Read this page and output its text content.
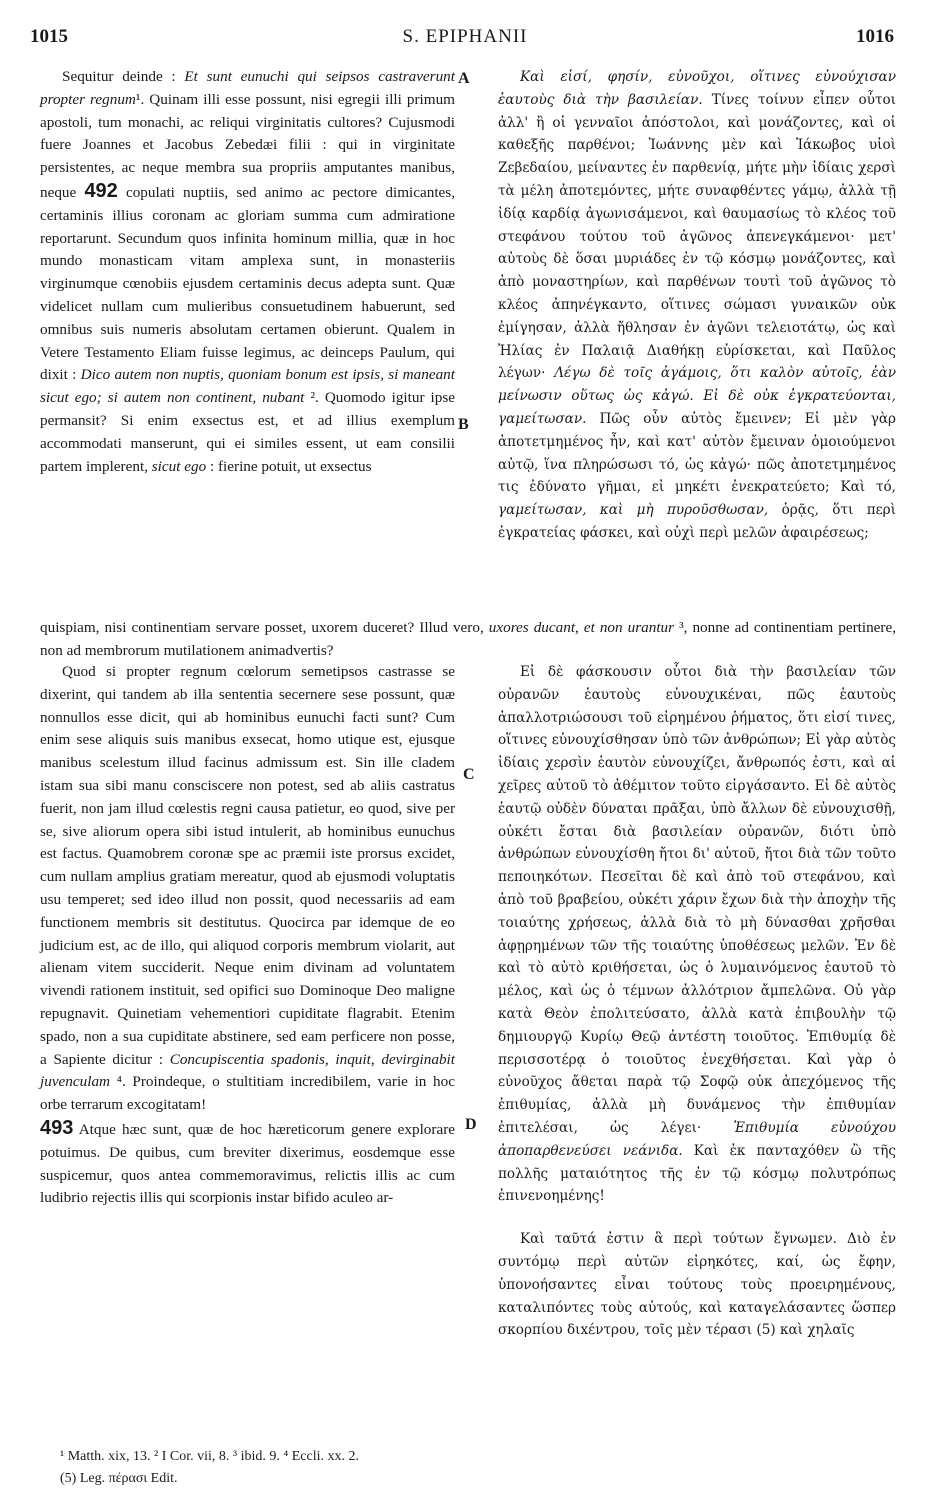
1015	S. EPIPHANII	1016
A
B
C
D

Sequitur deinde : Et sunt eunuchi qui seipsos castraverunt propter regnum¹. Quinam illi esse possunt, nisi egregii illi primum apostoli, tum monachi, ac reliqui virginitatis cultores? Cujusmodi fuere Joannes et Jacobus Zebedæi filii : qui in virginitate persistentes, ac neque membra sua propriis amputantes manibus, neque 492 copulati nuptiis, sed animo ac pectore dimicantes, certaminis illius coronam ac gloriam summa cum admiratione reportarunt. Secundum quos infinita hominum millia, quæ in hoc mundo monasticam vitam amplexa sunt, in monasteriis virginumque cœnobiis ejusdem certaminis decus adepta sunt. Quæ videlicet nullam cum mulieribus consuetudinem habuerunt, sed omnibus suis numeris absolutam certamen obierunt. Qualem in Vetere Testamento Eliam fuisse legimus, ac deinceps Paulum, qui dixit : Dico autem non nuptis, quoniam bonum est ipsis, si maneant sicut ego; si autem non continent, nubant ². Quomodo igitur ipse permansit? Si enim exsectus est, et ad illius exemplum accommodati manserunt, qui ei similes essent, ut eam consilii partem implerent, sicut ego : fierine potuit, ut exsectus

Καὶ εἰσί, φησίν, εὐνοῦχοι, οἵτινες εὐνούχισαν ἑαυτοὺς διὰ τὴν βασιλείαν. Τίνες τοίνυν εἶπεν οὗτοι ἀλλ' ἢ οἱ γενναῖοι ἀπόστολοι, καὶ μονάζοντες, καὶ οἱ καθεξῆς παρθένοι; Ἰωάννης μὲν καὶ Ἰάκωβος υἱοὶ Ζεβεδαίου, μείναντες ἐν παρθενίᾳ, μήτε μὴν ἰδίαις χερσὶ τὰ μέλη ἀποτεμόντες, μήτε συναφθέντες γάμῳ, ἀλλὰ τῇ ἰδίᾳ καρδίᾳ ἀγωνισάμενοι, καὶ θαυμασίως τὸ κλέος τοῦ στεφάνου τούτου τοῦ ἀγῶνος ἀπενεγκάμενοι· μετ' αὐτοὺς δὲ ὅσαι μυριάδες ἐν τῷ κόσμῳ μονάζοντες, καὶ ἀπὸ μοναστηρίων, καὶ παρθένων τουτὶ τοῦ ἀγῶνος τὸ κλέος ἀπηνέγκαντο, οἵτινες σώμασι γυναικῶν οὐκ ἐμίγησαν, ἀλλὰ ἤθλησαν ἐν ἀγῶνι τελειοτάτῳ, ὡς καὶ Ἠλίας ἐν Παλαιᾷ Διαθήκῃ εὑρίσκεται, καὶ Παῦλος λέγων· Λέγω δὲ τοῖς ἀγάμοις, ὅτι καλὸν αὐτοῖς, ἐὰν μείνωσιν οὕτως ὡς κἀγώ. Εἰ δὲ οὐκ ἐγκρατεύονται, γαμείτωσαν. Πῶς οὖν αὐτὸς ἔμεινεν; Εἰ μὲν γὰρ ἀποτετμημένος ἦν, καὶ κατ' αὐτὸν ἔμειναν ὁμοιούμενοι αὐτῷ, ἵνα πληρώσωσι τό, ὡς κἀγώ· πῶς ἀποτετμημένος τις ἐδύνατο γῆμαι, εἰ μηκέτι ἐνεκρατεύετο; Καὶ τό, γαμείτωσαν, καὶ μὴ πυροῦσθωσαν, ὁρᾷς, ὅτι περὶ ἐγκρατείας φάσκει, καὶ οὐχὶ περὶ μελῶν ἀφαιρέσεως;

quispiam, nisi continentiam servare posset, uxorem duceret? Illud vero, uxores ducant, et non urantur ³, nonne ad continentiam pertinere, non ad membrorum mutilationem animadvertis?

Quod si propter regnum cœlorum semetipsos castrasse se dixerint, qui tandem ab illa sententia secernere sese possunt, quæ nonnullos esse dicit, qui ab hominibus eunuchi facti sunt? Cum enim sese aliquis suis manibus exsecat, homo utique est, ejusque manibus scelestum illud facinus admissum est. Sin ille cladem istam sua sibi manu consciscere non potest, sed ab aliis castratus fuerit, non jam illud cœlestis regni causa patietur, eo quod, sive per se, sive aliorum opera sibi istud intulerit, ab hominibus eunuchus est factus. Quamobrem coronæ spe ac præmii iste prorsus excidet, cum nullam amplius gratiam mereatur, quod ab ejusmodi voluptatis usu temperet; sed ideo illud non possit, quod necessariis ad eam functionem membris sit destitutus. Quocirca par idemque de eo judicium est, ac de illo, qui aliquod corporis membrum violarit, aut alienam vitem succiderit. Neque enim divinam ad voluntatem vivendi rationem instituit, sed opifici suo Dominoque Deo maligne repugnavit. Quinetiam vehementiori cupiditate flagrabit. Etenim spado, non a sua cupiditate abstinere, sed eam perficere non posse, a Sapiente dicitur : Concupiscentia spadonis, inquit, devirginabit juvenculam ⁴. Proindeque, o stultitiam incredibilem, varie in hoc orbe terrarum excogitatam!

493 Atque hæc sunt, quæ de hoc hæreticorum genere explorare potuimus. De quibus, cum breviter dixerimus, eosdemque esse suspicemur, quos antea commemoravimus, relictis illis ac cum ludibrio rejectis illis qui scorpionis instar bifido aculeo ar-

Εἰ δὲ φάσκουσιν οὗτοι διὰ τὴν βασιλείαν τῶν οὐρανῶν ἑαυτοὺς εὐνουχικέναι, πῶς ἑαυτοὺς ἀπαλλοτριώσουσι τοῦ εἰρημένου ῥήματος, ὅτι εἰσί τινες, οἵτινες εὐνουχίσθησαν ὑπὸ τῶν ἀνθρώπων; Εἰ γὰρ αὐτὸς ἰδίαις χερσὶν ἑαυτὸν εὐνουχίζει, ἄνθρωπός ἐστι, καὶ αἱ χεῖρες αὐτοῦ τὸ ἀθέμιτον τοῦτο εἰργάσαντο. Εἰ δὲ αὐτὸς ἑαυτῷ οὐδὲν δύναται πρᾶξαι, ὑπὸ ἄλλων δὲ εὐνουχισθῇ, οὐκέτι ἔσται διὰ βασιλείαν οὐρανῶν, διότι ὑπὸ ἀνθρώπων εὐνουχίσθη ἤτοι δι' αὐτοῦ, ἤτοι διὰ τῶν τοῦτο πεποιηκότων. Πεσεῖται δὲ καὶ ἀπὸ τοῦ στεφάνου, καὶ ἀπὸ τοῦ βραβείου, οὐκέτι χάριν ἔχων διὰ τὴν ἀποχὴν τῆς τοιαύτης χρήσεως, ἀλλὰ διὰ τὸ μὴ δύνασθαι χρῆσθαι ἀφῃρημένων τῶν τῆς τοιαύτης ὑποθέσεως μελῶν. Ἐν δὲ καὶ τὸ αὐτὸ κριθήσεται, ὡς ὁ λυμαινόμενος ἑαυτοῦ τὸ μέλος, καὶ ὡς ὁ τέμνων ἀλλότριον ἄμπελῶνα. Οὐ γὰρ κατὰ Θεὸν ἐπολιτεύσατο, ἀλλὰ κατὰ ἐπιβουλὴν τῷ δημιουργῷ Κυρίῳ Θεῷ ἀντέστη τοιοῦτος. Ἐπιθυμίᾳ δὲ περισσοτέρᾳ ὁ τοιοῦτος ἐνεχθήσεται. Καὶ γὰρ ὁ εὐνοῦχος ἄθεται παρὰ τῷ Σοφῷ οὐκ ἀπεχόμενος τῆς ἐπιθυμίας, ἀλλὰ μὴ δυνάμενος τὴν ἐπιθυμίαν ἐπιτελέσαι, ὡς λέγει· Ἐπιθυμία εὐνούχου ἀποπαρθενεύσει νεάνιδα. Καὶ ἐκ πανταχόθεν ὢ τῆς πολλῆς ματαιότητος τῆς ἐν τῷ κόσμῳ πολυτρόπως ἐπινενοημένης!

Καὶ ταῦτά ἐστιν ἃ περὶ τούτων ἔγνωμεν. Διὸ ἐν συντόμῳ περὶ αὐτῶν εἰρηκότες, καί, ὡς ἔφην, ὑπονοήσαντες εἶναι τούτους τοὺς προειρημένους, καταλιπόντες τοὺς αὐτούς, καὶ καταγελάσαντες ὥσπερ σκορπίου διxέντρου, τοῖς μὲν τέρασι (5) καὶ χηλαῖς

¹ Matth. xix, 13. ² I Cor. vii, 8. ³ ibid. 9. ⁴ Eccli. xx. 2.
(5) Leg. πέρασι Edit.
